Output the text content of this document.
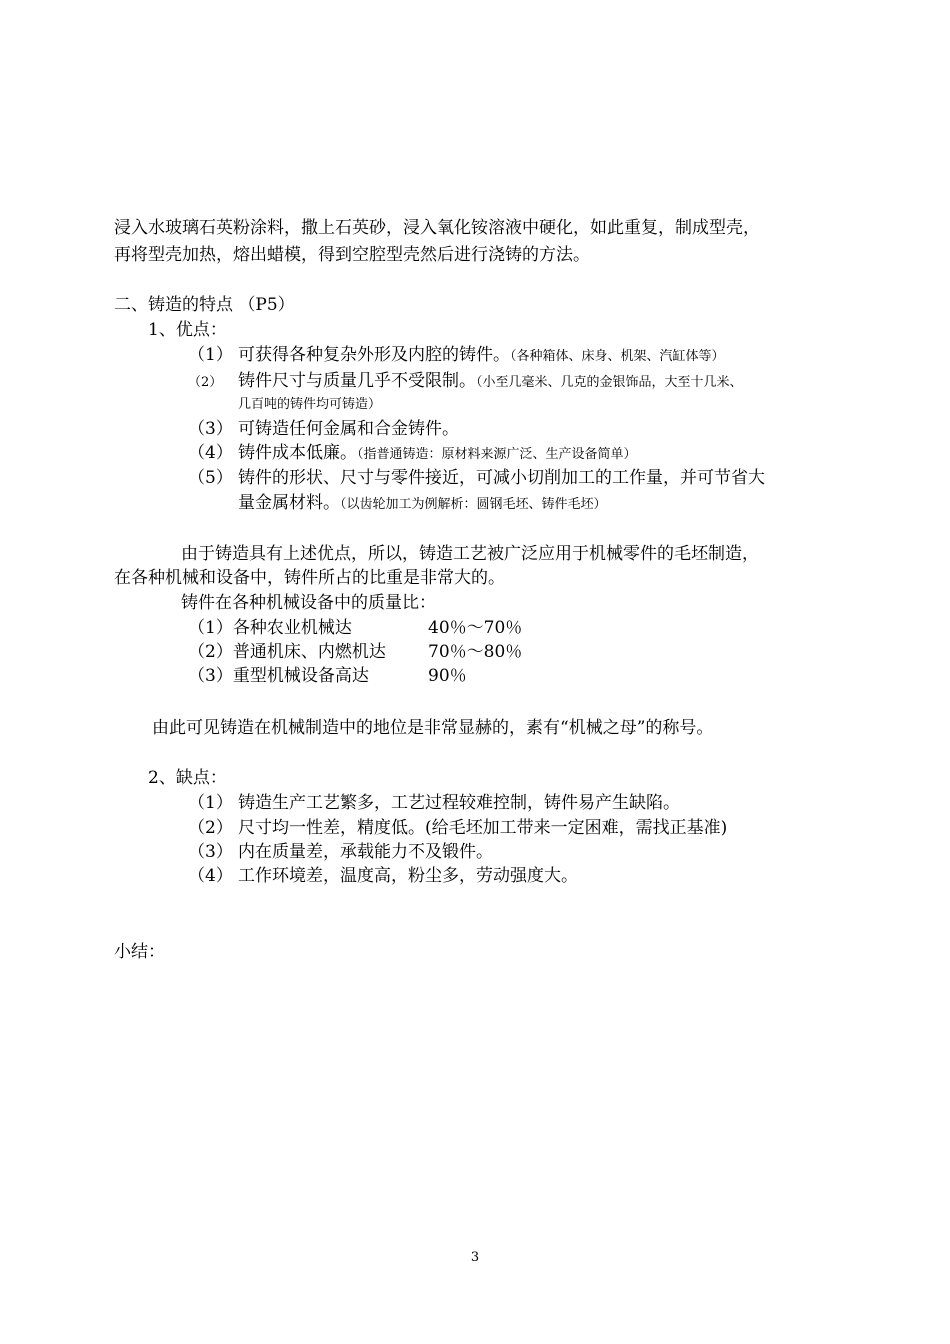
浸入水玻璃石英粉涂料，撒上石英砂，浸入氧化铵溶液中硬化，如此重复，制成型壳，
再将型壳加热，熔出蜡模，得到空腔型壳然后进行浇铸的方法。
二、铸造的特点 （P5）
1、优点：
（1） 可获得各种复杂外形及内腔的铸件。（各种箱体、床身、机架、汽缸体等）
（2） 铸件尺寸与质量几乎不受限制。（小至几毫米、几克的金银饰品，大至十几米、
几百吨的铸件均可铸造）
（3） 可铸造任何金属和合金铸件。
（4） 铸件成本低廉。（指普通铸造：原材料来源广泛、生产设备简单）
（5） 铸件的形状、尺寸与零件接近，可减小切削加工的工作量，并可节省大
量金属材料。（以齿轮加工为例解析：圆钢毛坯、铸件毛坯）
由于铸造具有上述优点，所以，铸造工艺被广泛应用于机械零件的毛坯制造，
在各种机械和设备中，铸件所占的比重是非常大的。
铸件在各种机械设备中的质量比：
（1）各种农业机械达	40％～70％
（2）普通机床、内燃机达 70％～80％
（3）重型机械设备高达	90％
由此可见铸造在机械制造中的地位是非常显赫的，素有“机械之母”的称号。
2、缺点：
（1） 铸造生产工艺繁多，工艺过程较难控制，铸件易产生缺陷。
（2） 尺寸均一性差，精度低。(给毛坯加工带来一定困难，需找正基准)
（3） 内在质量差，承载能力不及锻件。
（4） 工作环境差，温度高，粉尘多，劳动强度大。
小结：
3
